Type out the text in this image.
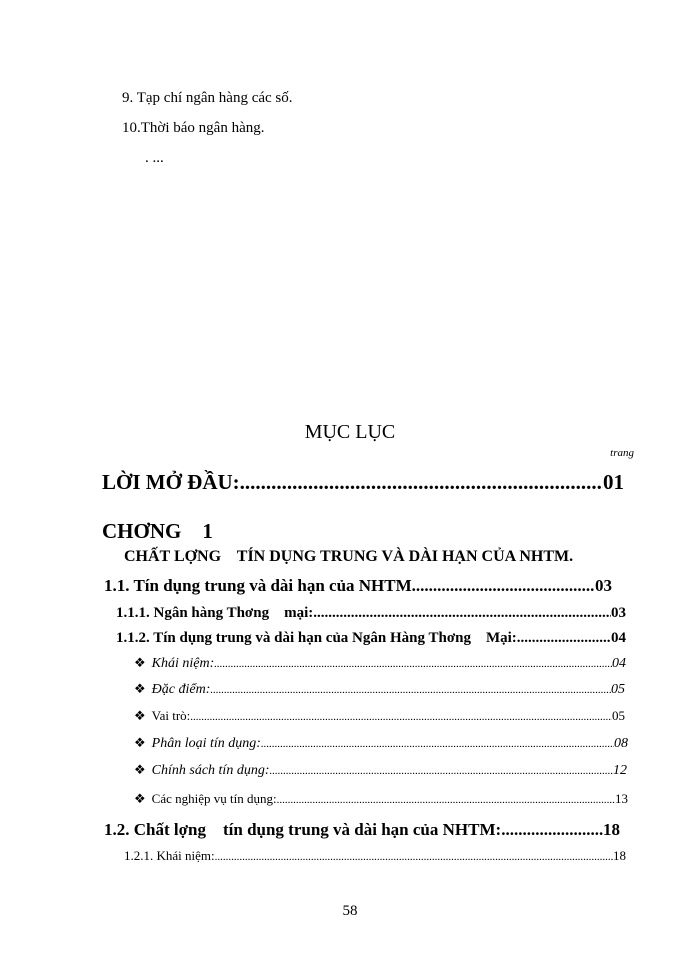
9. Tạp chí ngân hàng các số.
10.Thời báo ngân hàng.
. ...
MỤC LỤC
trang
LỜI MỞ ĐẦU: .....	01
CHƠNG    1
CHẤT LỢNG    TÍN DỤNG TRUNG VÀ DÀI HẠN CỦA NHTM.
1.1. Tín dụng trung và dài hạn của NHTM .....	03
1.1.1. Ngân hàng Thơng    mại: .....	03
1.1.2. Tín dụng trung và dài hạn của Ngân Hàng Thơng    Mại: .....	04
❖ Khái niệm: .....	04
❖ Đặc điểm: .....	05
❖ Vai trò: .....	05
❖ Phân loại tín dụng: .....	08
❖ Chính sách tín dụng: .....	12
❖ Các nghiệp vụ tín dụng: .....	13
1.2. Chất lợng    tín dụng trung và dài hạn của NHTM: .....	18
1.2.1. Khái niệm: .....	18
58
